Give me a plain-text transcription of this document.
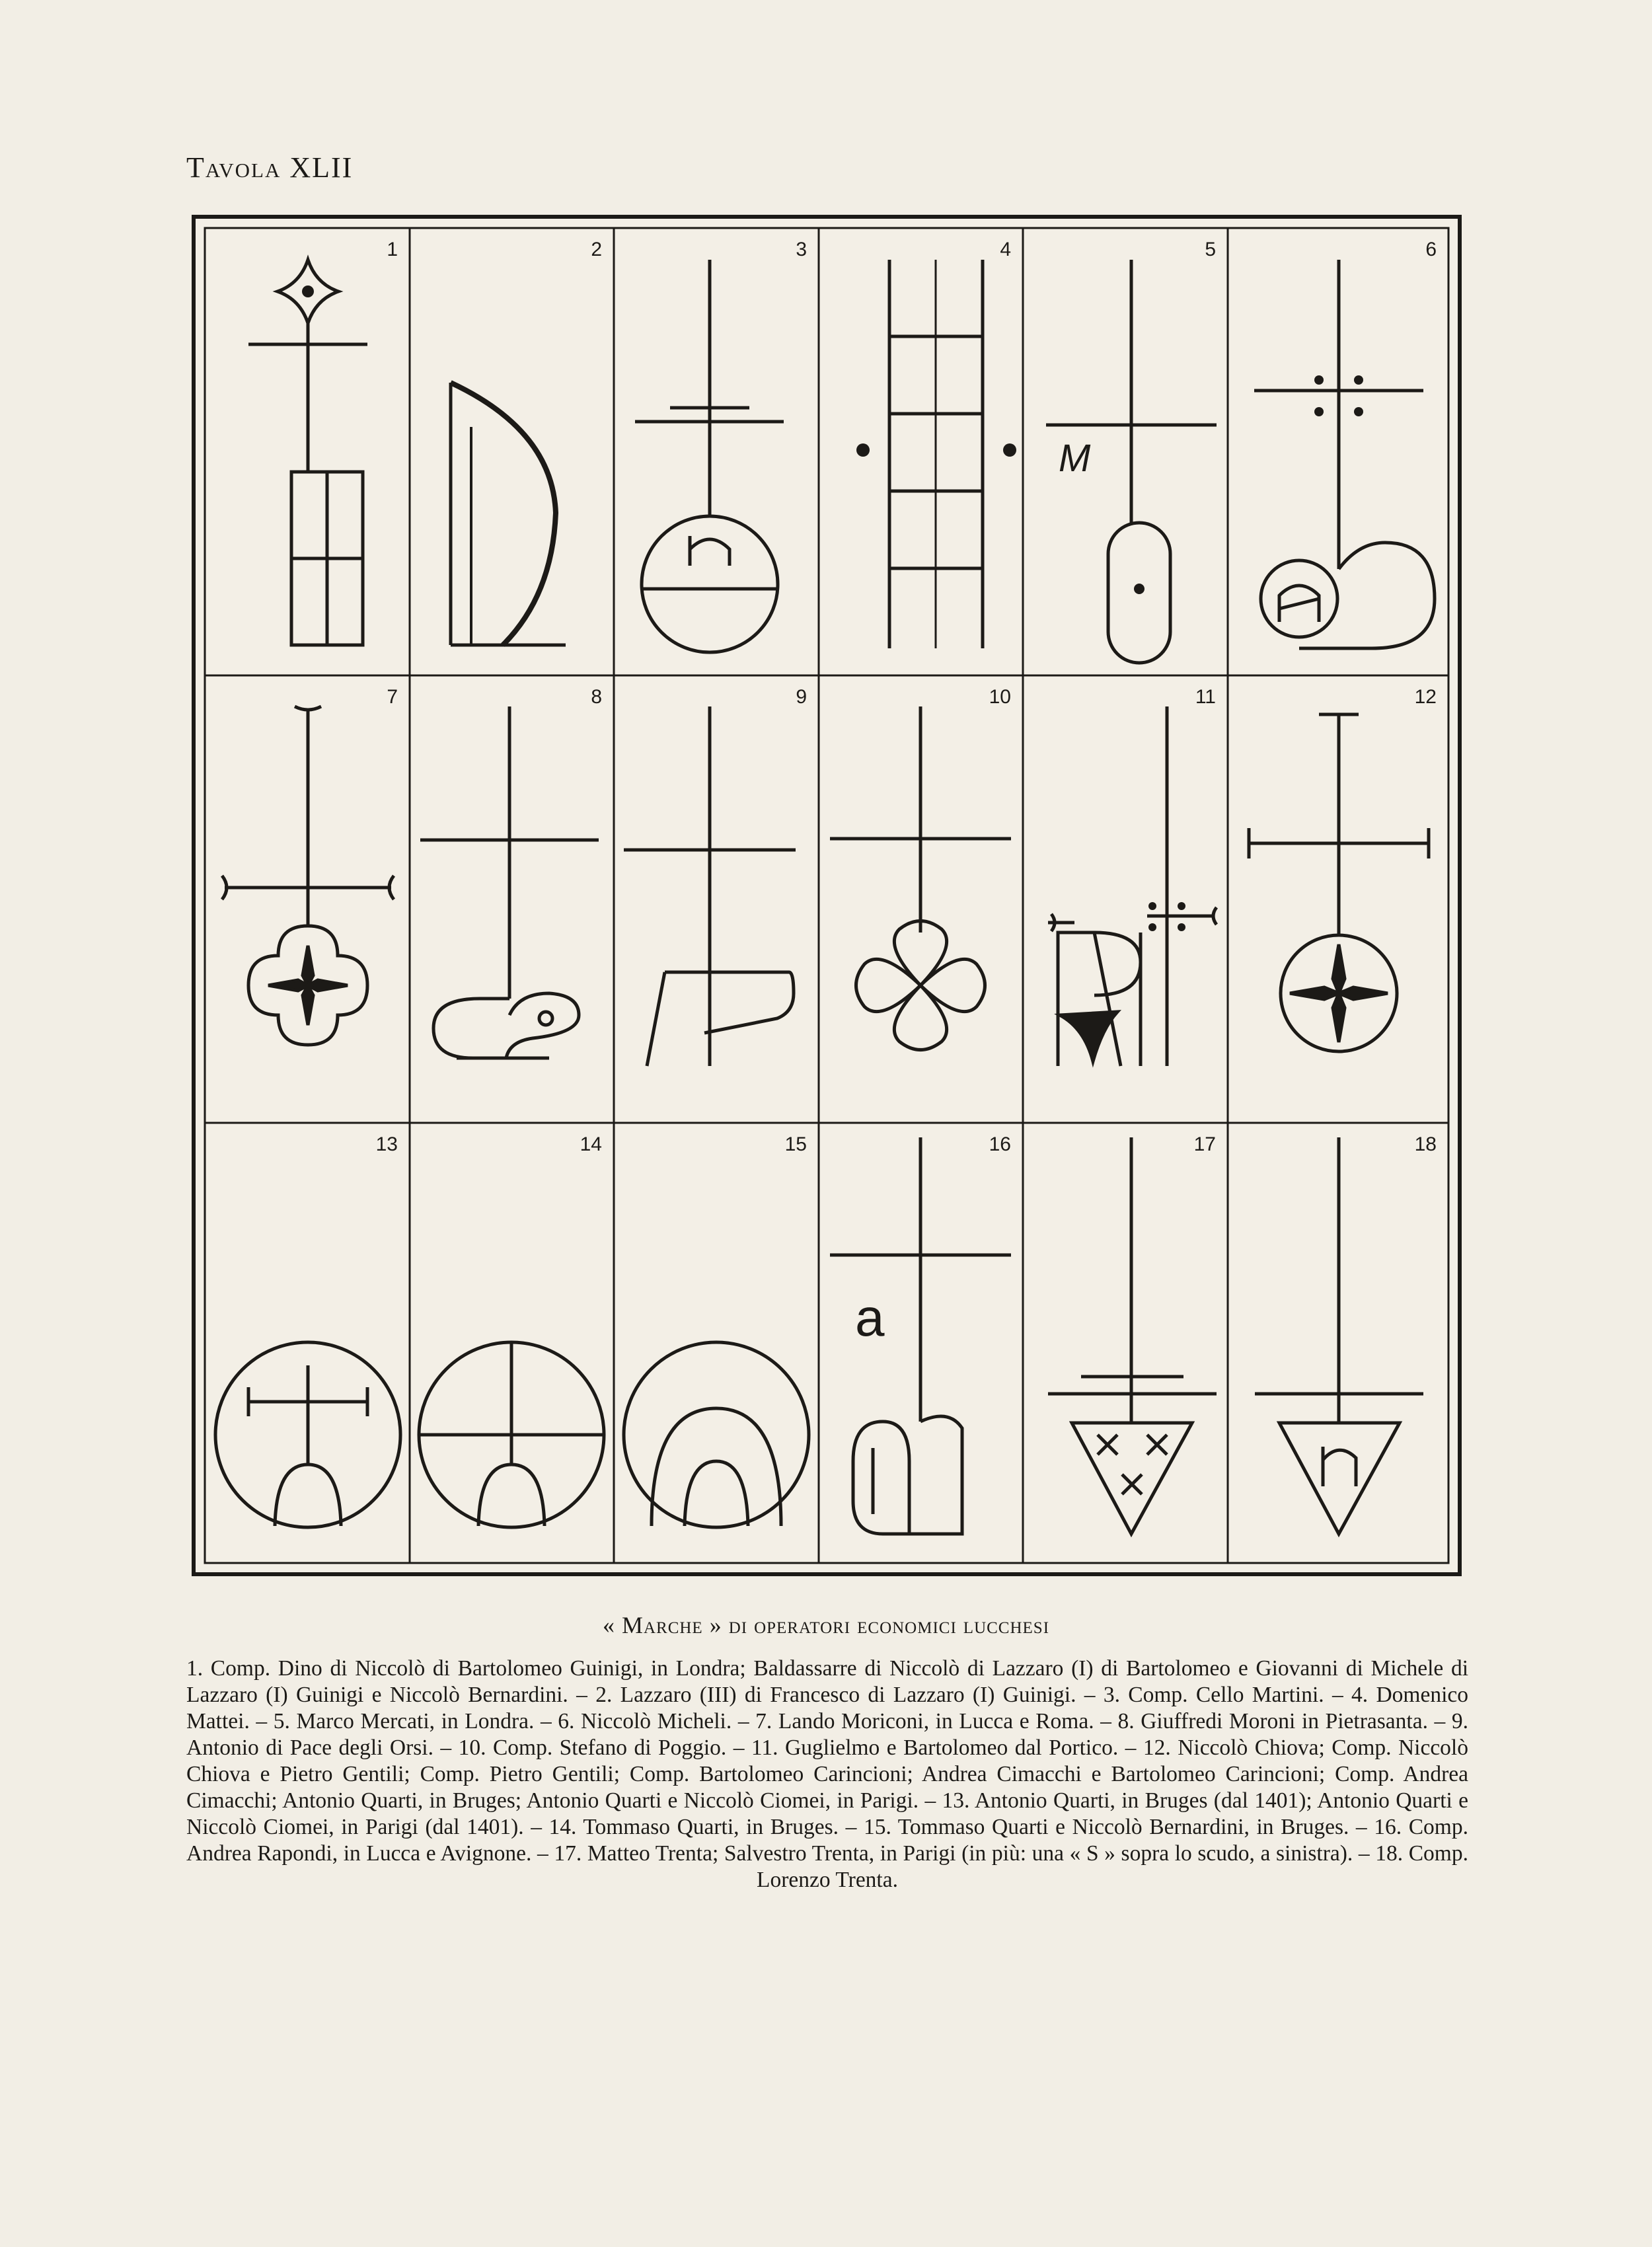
Tavola XLII
1	2	3	4	5	6
7	8	9	10	11	12
13	14	15	16	17	18
M
a
« Marche » di operatori economici lucchesi
1. Comp. Dino di Niccolò di Bartolomeo Guinigi, in Londra; Baldassarre di Niccolò di Lazzaro (I) di Bartolomeo e Giovanni di Michele di Lazzaro (I) Guinigi e Niccolò Bernardini. – 2. Lazzaro (III) di Francesco di Lazzaro (I) Guinigi. – 3. Comp. Cello Martini. – 4. Domenico Mattei. – 5. Marco Mercati, in Londra. – 6. Niccolò Micheli. – 7. Lando Moriconi, in Lucca e Roma. – 8. Giuffredi Moroni in Pietrasanta. – 9. Antonio di Pace degli Orsi. – 10. Comp. Stefano di Poggio. – 11. Guglielmo e Bartolomeo dal Portico. – 12. Niccolò Chiova; Comp. Niccolò Chiova e Pietro Gentili; Comp. Pietro Gentili; Comp. Bartolomeo Carincioni; Andrea Cimacchi e Bartolomeo Carincioni; Comp. Andrea Cimacchi; Antonio Quarti, in Bruges; Antonio Quarti e Niccolò Ciomei, in Parigi. – 13. Antonio Quarti, in Bruges (dal 1401); Antonio Quarti e Niccolò Ciomei, in Parigi (dal 1401). – 14. Tommaso Quarti, in Bruges. – 15. Tommaso Quarti e Niccolò Bernardini, in Bruges. – 16. Comp. Andrea Rapondi, in Lucca e Avignone. – 17. Matteo Trenta; Salvestro Trenta, in Parigi (in più: una « S » sopra lo scudo, a sinistra). – 18. Comp. Lorenzo Trenta.
